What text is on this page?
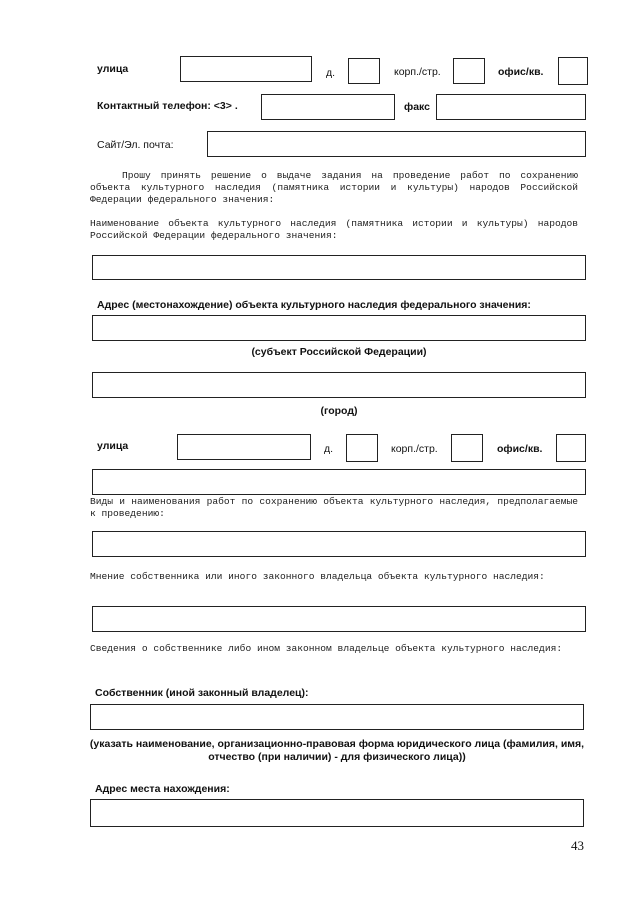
улица	д.	корп./стр.	офис/кв.
Контактный телефон: <3> .	факс
Сайт/Эл. почта:
Прошу принять решение о выдаче задания на проведение работ по сохранению объекта культурного наследия (памятника истории и культуры) народов Российской Федерации федерального значения:
Наименование объекта культурного наследия (памятника истории и культуры) народов Российской Федерации федерального значения:
Адрес (местонахождение) объекта культурного наследия федерального значения:
(субъект Российской Федерации)
(город)
улица	д.	корп./стр.	офис/кв.
Виды и наименования работ по сохранению объекта культурного наследия, предполагаемые к проведению:
Мнение собственника или иного законного владельца объекта культурного наследия:
Сведения о собственнике либо ином законном владельце объекта культурного наследия:
Собственник (иной законный владелец):
(указать наименование, организационно-правовая форма юридического лица (фамилия, имя,
отчество (при наличии) - для физического лица))
Адрес места нахождения:
43
